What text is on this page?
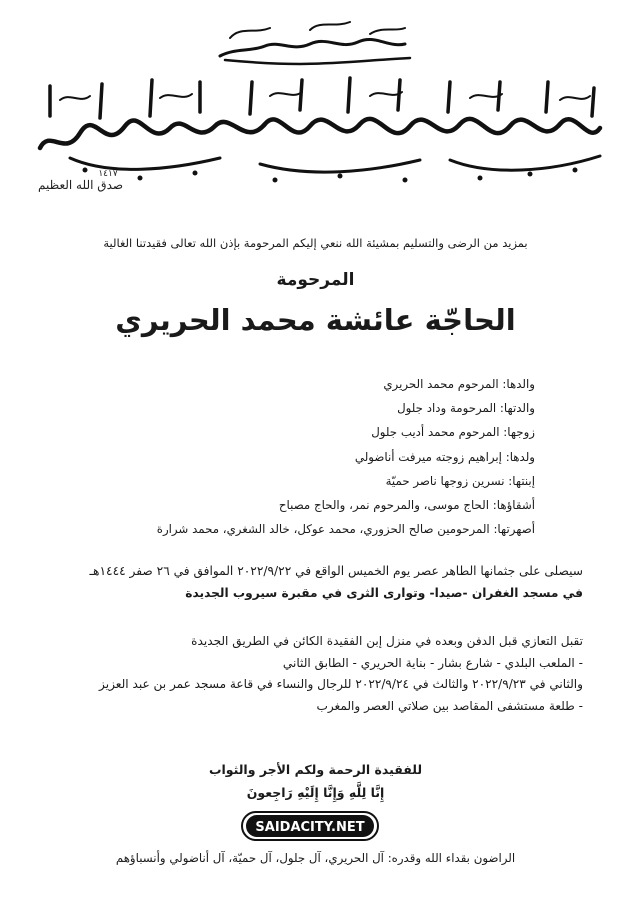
بسم الله الرحمن الرحيم يا أيتها النفس المطمئنة ارجعي إلى ربك راضية مرضية فادخلي في عبادي وادخلي جنتي
١٤١٧
صدق الله العظيم
بمزيد من الرضى والتسليم بمشيئة الله ننعي إليكم المرحومة بإذن الله تعالى فقيدتنا الغالية
المرحومة
الحاجّة عائشة محمد الحريري
والدها: المرحوم محمد الحريري
والدتها: المرحومة وداد جلول
زوجها: المرحوم محمد أديب جلول
ولدها: إبراهيم زوجته ميرفت أناضولي
إبنتها: نسرين زوجها ناصر حميّة
أشقاؤها: الحاج موسى، والمرحوم نمر، والحاج مصباح
أصهرتها: المرحومين صالح الحزوري، محمد عوكل، خالد الشغري، محمد شرارة
سيصلى على جثمانها الطاهر عصر يوم الخميس الواقع في ٢٠٢٢/٩/٢٢ الموافق في ٢٦ صفر ١٤٤٤هـ
في مسجد الغفران -صيدا- وتوارى الثرى في مقبرة سيروب الجديدة
تقبل التعازي قبل الدفن وبعده في منزل إبن الفقيدة الكائن في الطريق الجديدة
- الملعب البلدي - شارع بشار - بناية الحريري - الطابق الثاني
والثاني في ٢٠٢٢/٩/٢٣ والثالث في ٢٠٢٢/٩/٢٤ للرجال والنساء في قاعة مسجد عمر بن عبد العزيز
- طلعة مستشفى المقاصد بين صلاتي العصر والمغرب
للفقيدة الرحمة ولكم الأجر والثواب
إِنَّا لِلَّهِ وَإِنَّا إِلَيْهِ رَاجِعونَ
SAIDACITY.NET
الراضون بقداء الله وقدره: آل الحريري، آل جلول، آل حميّة، آل أناضولي وأنسباؤهم
